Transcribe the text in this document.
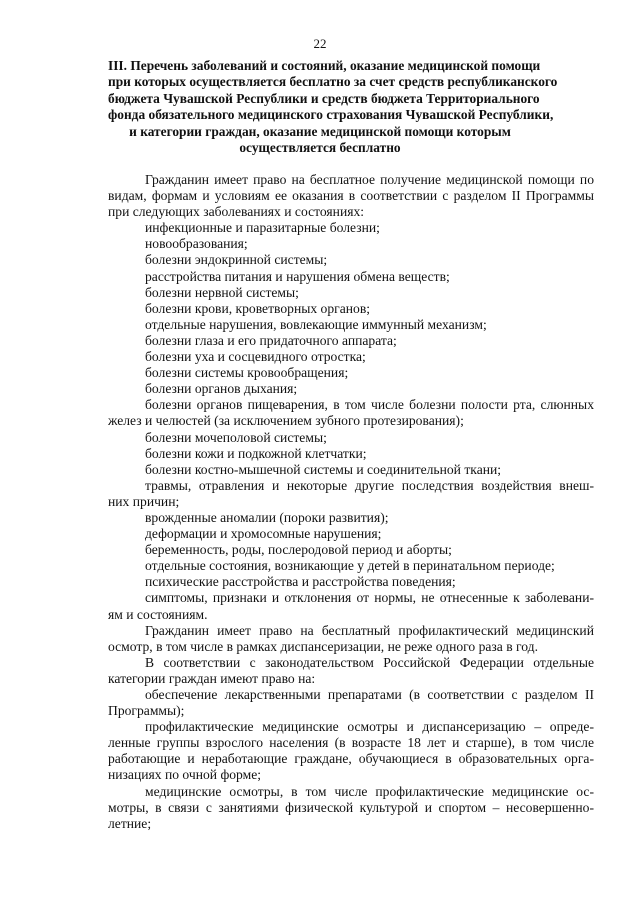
22
III. Перечень заболеваний и состояний, оказание медицинской помощи
при которых осуществляется бесплатно за счет средств республиканского
бюджета Чувашской Республики и средств бюджета Территориального
фонда обязательного медицинского страхования Чувашской Республики,
и категории граждан, оказание медицинской помощи которым
осуществляется бесплатно

Гражданин имеет право на бесплатное получение медицинской помощи по видам, формам и условиям ее оказания в соответствии с разделом II Программы при следующих заболеваниях и состояниях:

инфекционные и паразитарные болезни;

новообразования;

болезни эндокринной системы;

расстройства питания и нарушения обмена веществ;

болезни нервной системы;

болезни крови, кроветворных органов;

отдельные нарушения, вовлекающие иммунный механизм;

болезни глаза и его придаточного аппарата;

болезни уха и сосцевидного отростка;

болезни системы кровообращения;

болезни органов дыхания;

болезни органов пищеварения, в том числе болезни полости рта, слюнных
желез и челюстей (за исключением зубного протезирования);

болезни мочеполовой системы;

болезни кожи и подкожной клетчатки;

болезни костно-мышечной системы и соединительной ткани;

травмы, отравления и некоторые другие последствия воздействия внеш-
них причин;

врожденные аномалии (пороки развития);

деформации и хромосомные нарушения;

беременность, роды, послеродовой период и аборты;

отдельные состояния, возникающие у детей в перинатальном периоде;

психические расстройства и расстройства поведения;

симптомы, признаки и отклонения от нормы, не отнесенные к заболевани-
ям и состояниям.

Гражданин имеет право на бесплатный профилактический медицинский осмотр, в том числе в рамках диспансеризации, не реже одного раза в год.

В соответствии с законодательством Российской Федерации отдельные категории граждан имеют право на:

обеспечение лекарственными препаратами (в соответствии с разделом II
Программы);

профилактические медицинские осмотры и диспансеризацию – определенные группы взрослого населения (в возрасте 18 лет и старше), в том числе работающие и неработающие граждане, обучающиеся в образовательных организациях по очной форме;

медицинские осмотры, в том числе профилактические медицинские осмотры, в связи с занятиями физической культурой и спортом – несовершеннолетние;
